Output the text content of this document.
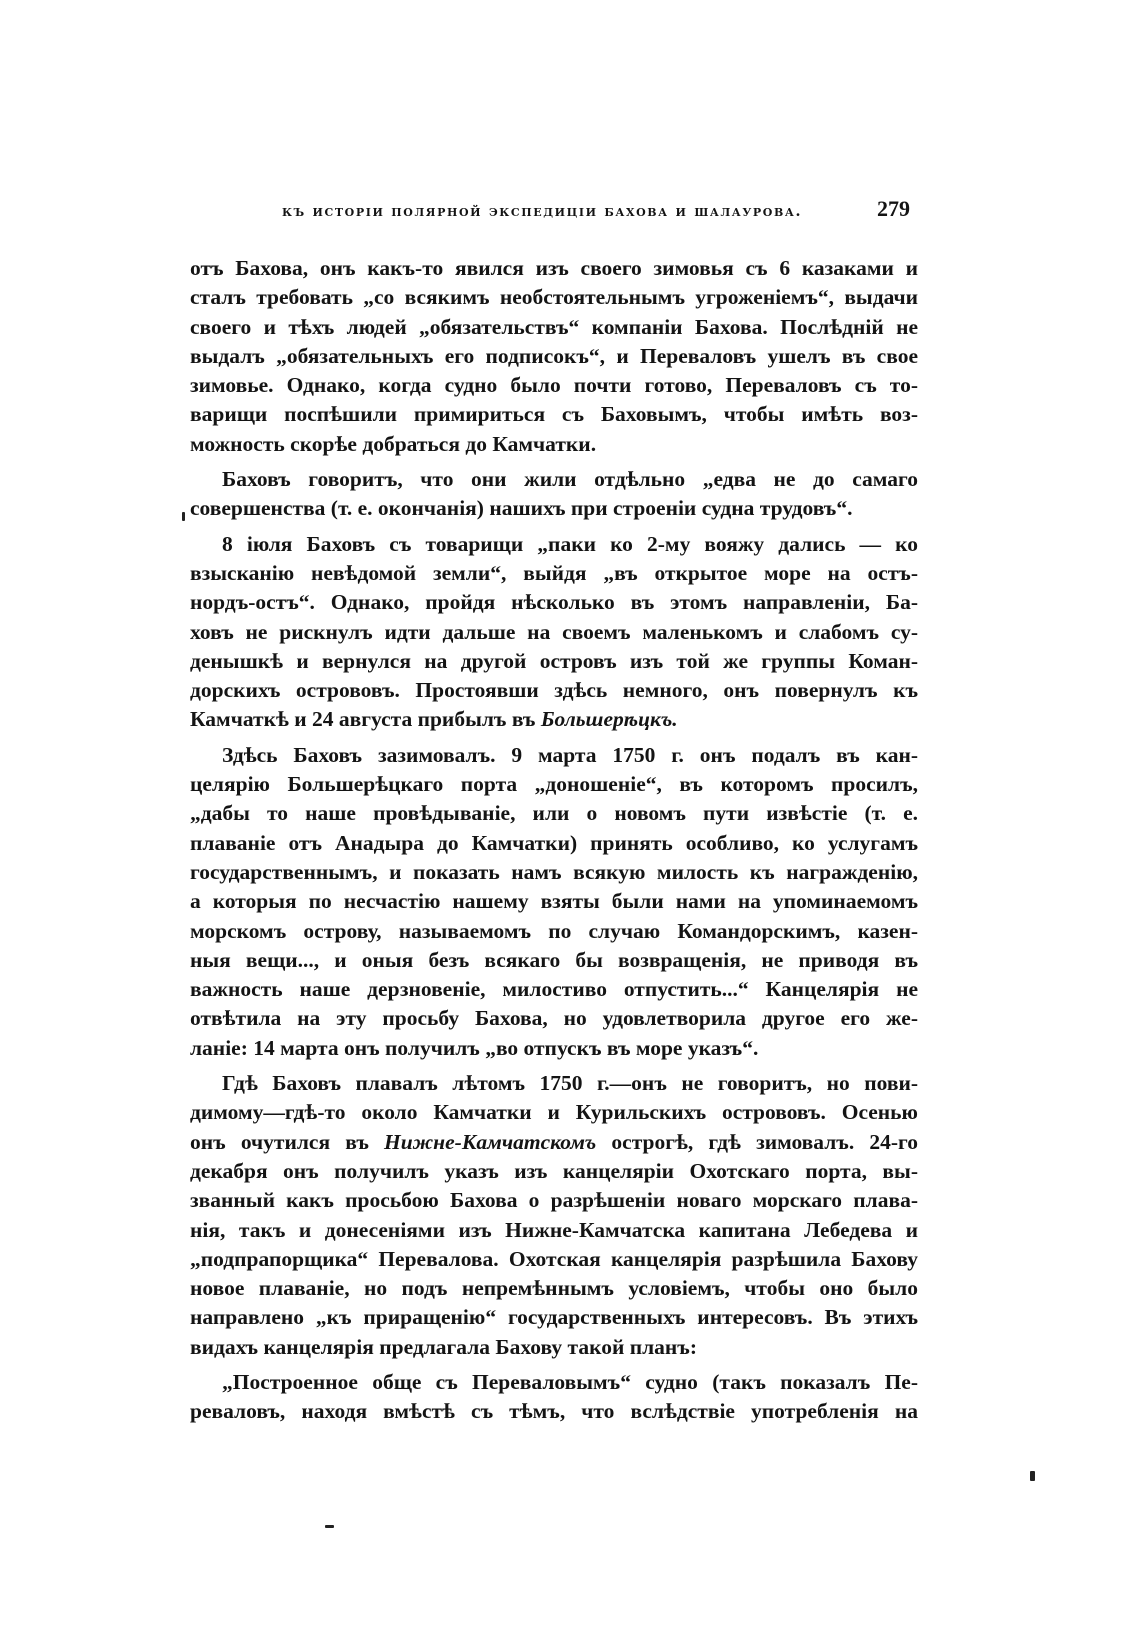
къ исторіи полярной экспедиціи бахова и шалаурова.	279

отъ Бахова, онъ какъ-то явился изъ своего зимовья съ 6 казаками и
сталъ требовать „со всякимъ необстоятельнымъ угроженіемъ“, выдачи
своего и тѣхъ людей „обязательствъ“ компаніи Бахова. Послѣдній не
выдалъ „обязательныхъ его подписокъ“, и Переваловъ ушелъ въ свое
зимовье. Однако, когда судно было почти готово, Переваловъ съ то-
варищи поспѣшили примириться съ Баховымъ, чтобы имѣть воз-
можность скорѣе добраться до Камчатки.

Баховъ говоритъ, что они жили отдѣльно „едва не до самаго
совершенства (т. е. окончанія) нашихъ при строеніи судна трудовъ“.

8 іюля Баховъ съ товарищи „паки ко 2-му вояжу дались — ко
взысканію невѣдомой земли“, выйдя „въ открытое море на остъ-
нордъ-остъ“. Однако, пройдя нѣсколько въ этомъ направленіи, Ба-
ховъ не рискнулъ идти дальше на своемъ маленькомъ и слабомъ су-
денышкѣ и вернулся на другой островъ изъ той же группы Коман-
дорскихъ острововъ. Простоявши здѣсь немного, онъ повернулъ къ
Камчаткѣ и 24 августа прибылъ въ Большерѣцкъ.

Здѣсь Баховъ зазимовалъ. 9 марта 1750 г. онъ подалъ въ кан-
целярію Большерѣцкаго порта „доношеніе“, въ которомъ просилъ,
„дабы то наше провѣдываніе, или о новомъ пути извѣстіе (т. е.
плаваніе отъ Анадыра до Камчатки) принять особливо, ко услугамъ
государственнымъ, и показать намъ всякую милость къ награжденію,
а которыя по несчастію нашему взяты были нами на упоминаемомъ
морскомъ острову, называемомъ по случаю Командорскимъ, казен-
ныя вещи..., и оныя безъ всякаго бы возвращенія, не приводя въ
важность наше дерзновеніе, милостиво отпустить...“ Канцелярія не
отвѣтила на эту просьбу Бахова, но удовлетворила другое его же-
ланіе: 14 марта онъ получилъ „во отпускъ въ море указъ“.

Гдѣ Баховъ плавалъ лѣтомъ 1750 г.—онъ не говоритъ, но пови-
димому—гдѣ-то около Камчатки и Курильскихъ острововъ. Осенью
онъ очутился въ Нижне-Камчатскомъ острогѣ, гдѣ зимовалъ. 24-го
декабря онъ получилъ указъ изъ канцеляріи Охотскаго порта, вы-
званный какъ просьбою Бахова о разрѣшеніи новаго морскаго плава-
нія, такъ и донесеніями изъ Нижне-Камчатска капитана Лебедева и
„подпрапорщика“ Перевалова. Охотская канцелярія разрѣшила Бахову
новое плаваніе, но подъ непремѣннымъ условіемъ, чтобы оно было
направлено „къ приращенію“ государственныхъ интересовъ. Въ этихъ
видахъ канцелярія предлагала Бахову такой планъ:

„Построенное обще съ Переваловымъ“ судно (такъ показалъ Пе-
реваловъ, находя вмѣстѣ съ тѣмъ, что вслѣдствіе употребленія на
